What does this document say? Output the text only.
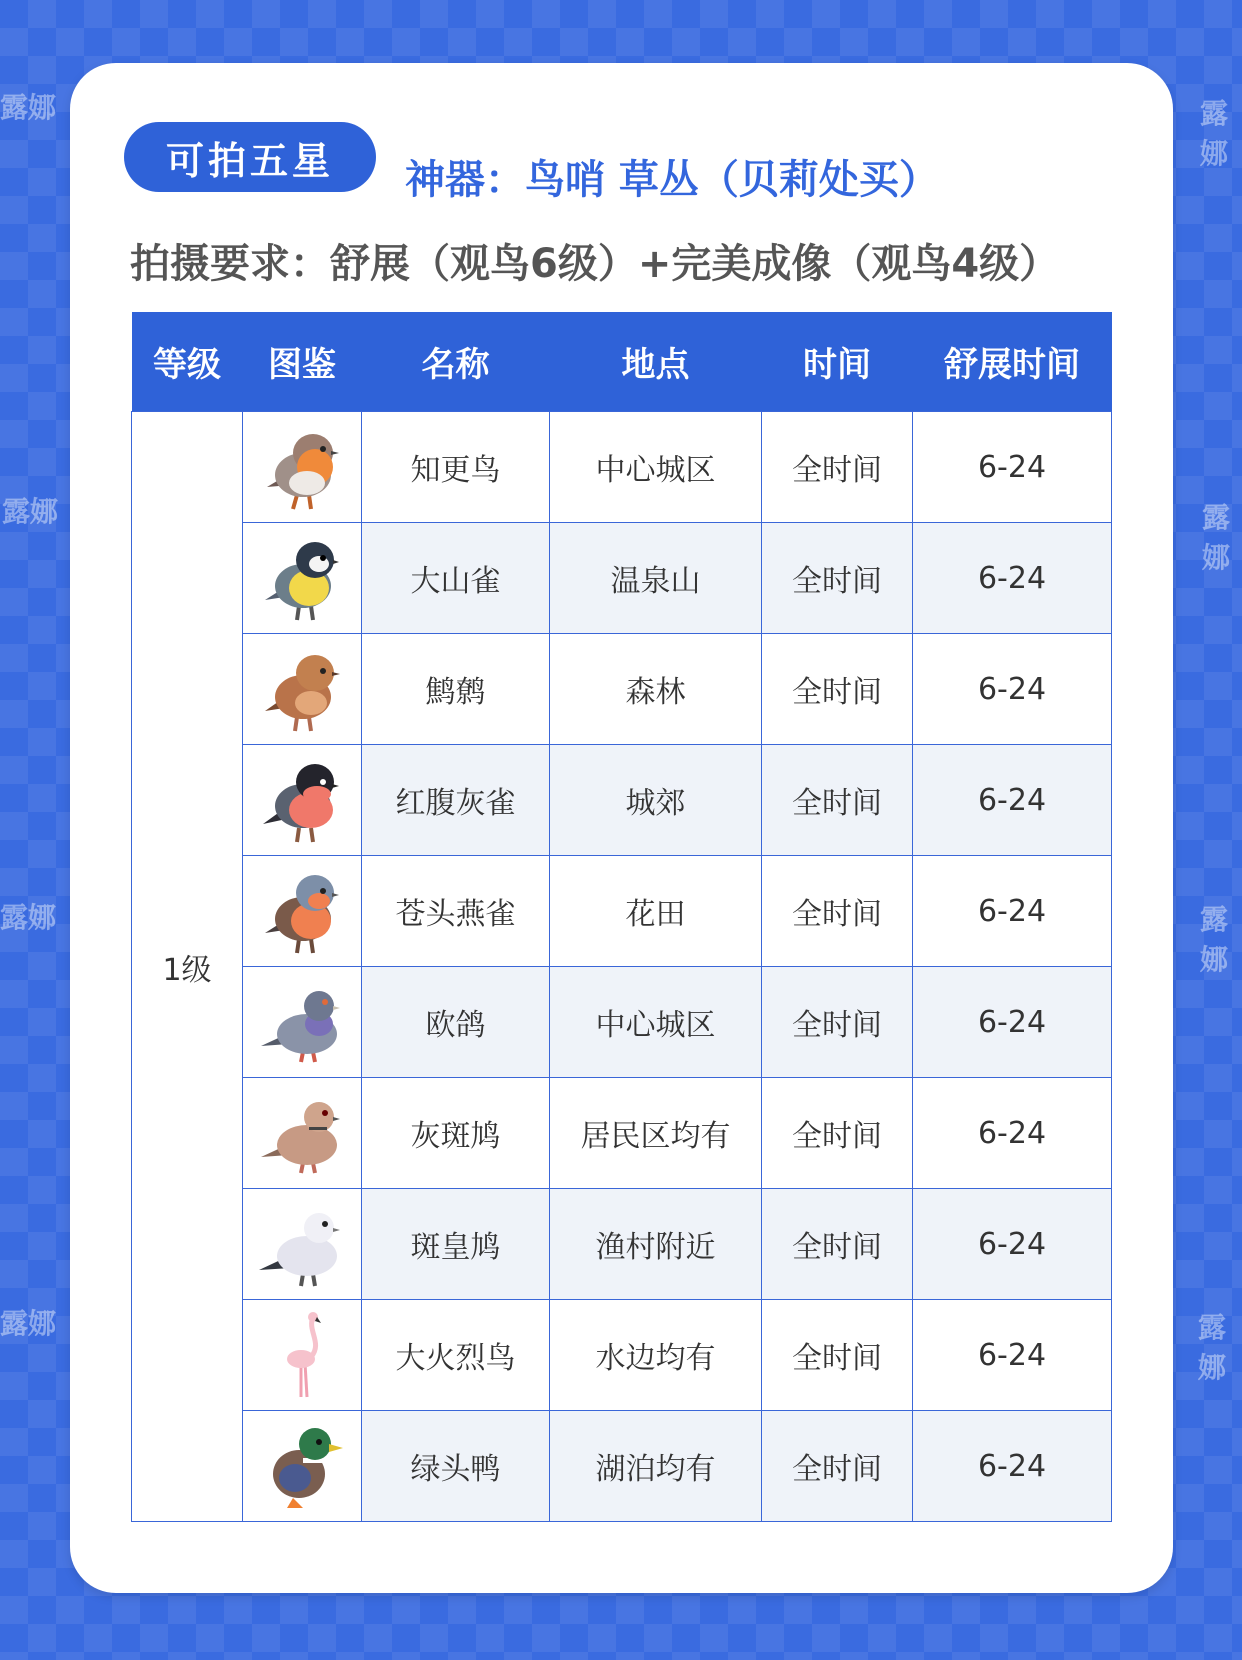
露娜	露娜
露娜	露娜
露娜	露娜
露娜	露娜
可拍五星	神器：鸟哨 草丛（贝莉处买）
拍摄要求：舒展（观鸟6级）+完美成像（观鸟4级）
等级	图鉴	名称	地点	时间	舒展时间
1级		知更鸟	中心城区	全时间	6-24

	大山雀	温泉山	全时间	6-24

	鹪鹩	森林	全时间	6-24

	红腹灰雀	城郊	全时间	6-24

	苍头燕雀	花田	全时间	6-24

	欧鸽	中心城区	全时间	6-24

	灰斑鸠	居民区均有	全时间	6-24

	斑皇鸠	渔村附近	全时间	6-24

	大火烈鸟	水边均有	全时间	6-24

	绿头鸭	湖泊均有	全时间	6-24
